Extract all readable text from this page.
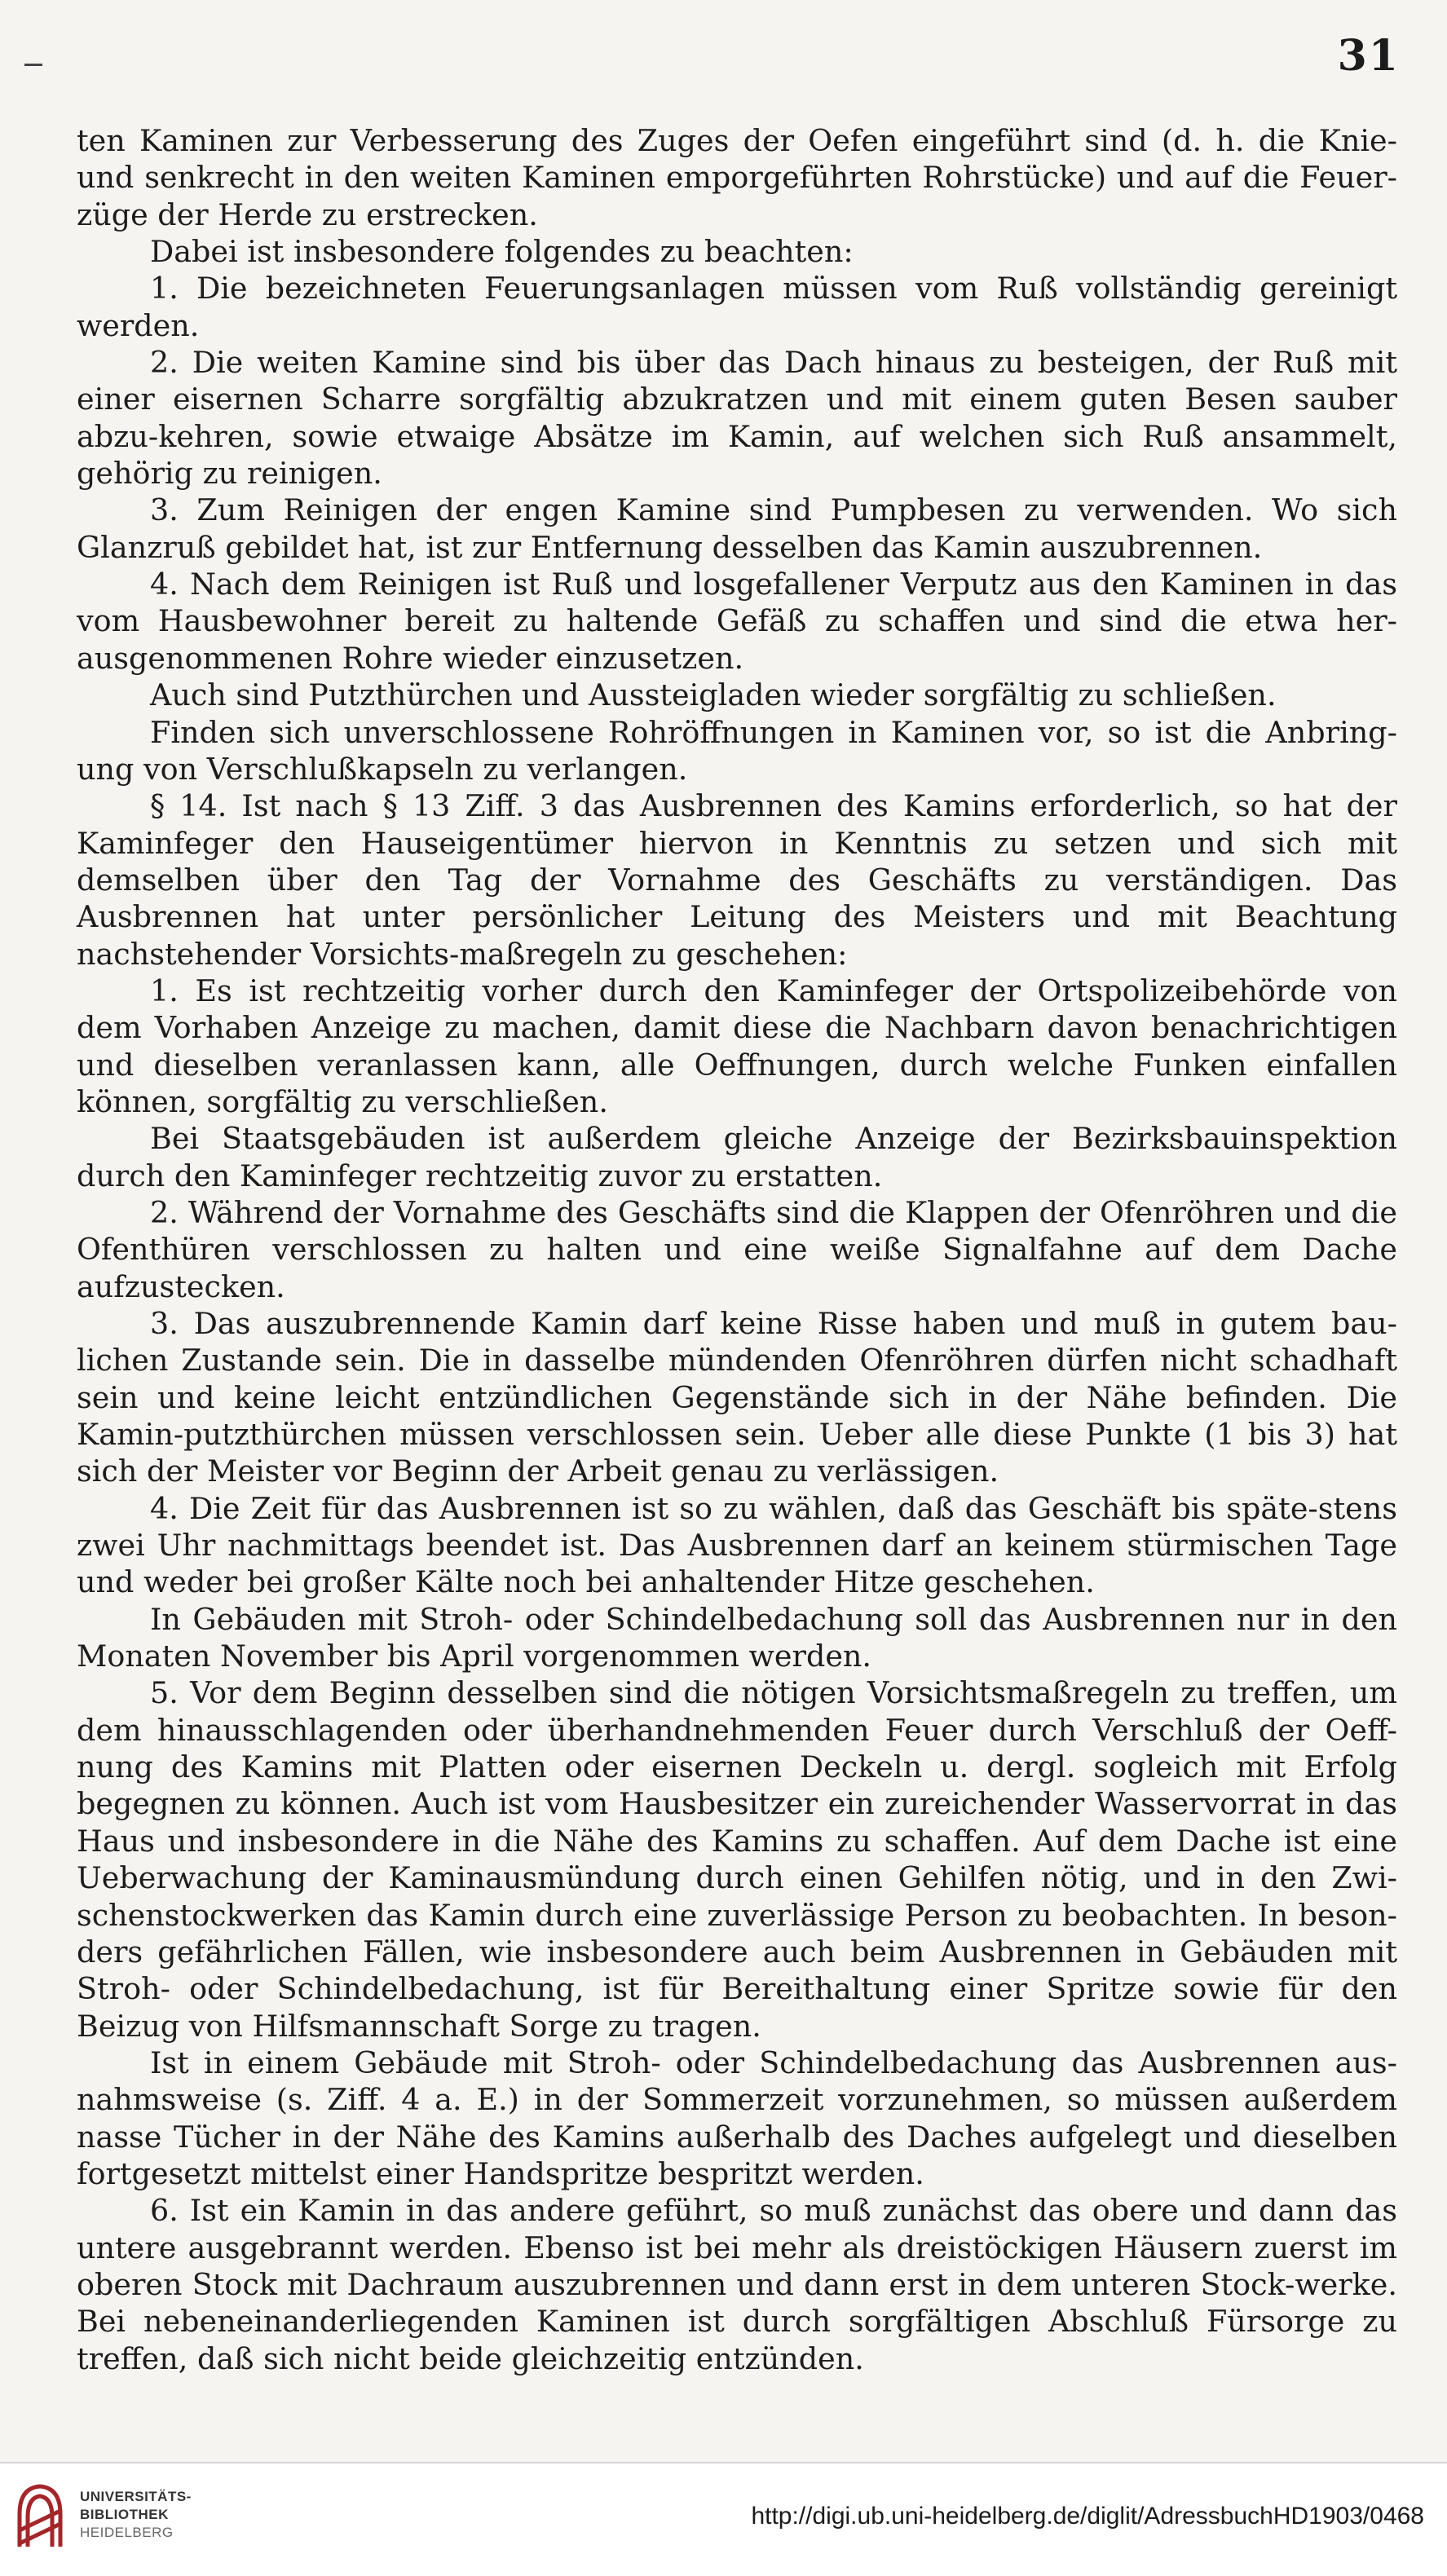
31

ten Kaminen zur Verbesserung des Zuges der Oefen eingeführt sind (d. h. die Knie- und senkrecht in den weiten Kaminen emporgeführten Rohrstücke) und auf die Feuer-züge der Herde zu erstrecken.

Dabei ist insbesondere folgendes zu beachten:

1. Die bezeichneten Feuerungsanlagen müssen vom Ruß vollständig gereinigt werden.

2. Die weiten Kamine sind bis über das Dach hinaus zu besteigen, der Ruß mit einer eisernen Scharre sorgfältig abzukratzen und mit einem guten Besen sauber abzu-kehren, sowie etwaige Absätze im Kamin, auf welchen sich Ruß ansammelt, gehörig zu reinigen.

3. Zum Reinigen der engen Kamine sind Pumpbesen zu verwenden. Wo sich Glanzruß gebildet hat, ist zur Entfernung desselben das Kamin auszubrennen.

4. Nach dem Reinigen ist Ruß und losgefallener Verputz aus den Kaminen in das vom Hausbewohner bereit zu haltende Gefäß zu schaffen und sind die etwa her-ausgenommenen Rohre wieder einzusetzen.

Auch sind Putzthürchen und Aussteigladen wieder sorgfältig zu schließen.

Finden sich unverschlossene Rohröffnungen in Kaminen vor, so ist die Anbring-ung von Verschlußkapseln zu verlangen.

§ 14. Ist nach § 13 Ziff. 3 das Ausbrennen des Kamins erforderlich, so hat der Kaminfeger den Hauseigentümer hiervon in Kenntnis zu setzen und sich mit demselben über den Tag der Vornahme des Geschäfts zu verständigen. Das Ausbrennen hat unter persönlicher Leitung des Meisters und mit Beachtung nachstehender Vorsichts-maßregeln zu geschehen:

1. Es ist rechtzeitig vorher durch den Kaminfeger der Ortspolizeibehörde von dem Vorhaben Anzeige zu machen, damit diese die Nachbarn davon benachrichtigen und dieselben veranlassen kann, alle Oeffnungen, durch welche Funken einfallen können, sorgfältig zu verschließen.

Bei Staatsgebäuden ist außerdem gleiche Anzeige der Bezirksbauinspektion durch den Kaminfeger rechtzeitig zuvor zu erstatten.

2. Während der Vornahme des Geschäfts sind die Klappen der Ofenröhren und die Ofenthüren verschlossen zu halten und eine weiße Signalfahne auf dem Dache aufzustecken.

3. Das auszubrennende Kamin darf keine Risse haben und muß in gutem bau-lichen Zustande sein. Die in dasselbe mündenden Ofenröhren dürfen nicht schadhaft sein und keine leicht entzündlichen Gegenstände sich in der Nähe befinden. Die Kamin-putzthürchen müssen verschlossen sein. Ueber alle diese Punkte (1 bis 3) hat sich der Meister vor Beginn der Arbeit genau zu verlässigen.

4. Die Zeit für das Ausbrennen ist so zu wählen, daß das Geschäft bis späte-stens zwei Uhr nachmittags beendet ist. Das Ausbrennen darf an keinem stürmischen Tage und weder bei großer Kälte noch bei anhaltender Hitze geschehen.

In Gebäuden mit Stroh- oder Schindelbedachung soll das Ausbrennen nur in den Monaten November bis April vorgenommen werden.

5. Vor dem Beginn desselben sind die nötigen Vorsichtsmaßregeln zu treffen, um dem hinausschlagenden oder überhandnehmenden Feuer durch Verschluß der Oeff-nung des Kamins mit Platten oder eisernen Deckeln u. dergl. sogleich mit Erfolg begegnen zu können. Auch ist vom Hausbesitzer ein zureichender Wasservorrat in das Haus und insbesondere in die Nähe des Kamins zu schaffen. Auf dem Dache ist eine Ueberwachung der Kaminausmündung durch einen Gehilfen nötig, und in den Zwi-schenstockwerken das Kamin durch eine zuverlässige Person zu beobachten. In beson-ders gefährlichen Fällen, wie insbesondere auch beim Ausbrennen in Gebäuden mit Stroh- oder Schindelbedachung, ist für Bereithaltung einer Spritze sowie für den Beizug von Hilfsmannschaft Sorge zu tragen.

Ist in einem Gebäude mit Stroh- oder Schindelbedachung das Ausbrennen aus-nahmsweise (s. Ziff. 4 a. E.) in der Sommerzeit vorzunehmen, so müssen außerdem nasse Tücher in der Nähe des Kamins außerhalb des Daches aufgelegt und dieselben fortgesetzt mittelst einer Handspritze bespritzt werden.

6. Ist ein Kamin in das andere geführt, so muß zunächst das obere und dann das untere ausgebrannt werden. Ebenso ist bei mehr als dreistöckigen Häusern zuerst im oberen Stock mit Dachraum auszubrennen und dann erst in dem unteren Stock-werke. Bei nebeneinanderliegenden Kaminen ist durch sorgfältigen Abschluß Fürsorge zu treffen, daß sich nicht beide gleichzeitig entzünden.

UNIVERSITÄTS-
BIBLIOTHEK
HEIDELBERG
http://digi.ub.uni-heidelberg.de/diglit/AdressbuchHD1903/0468
